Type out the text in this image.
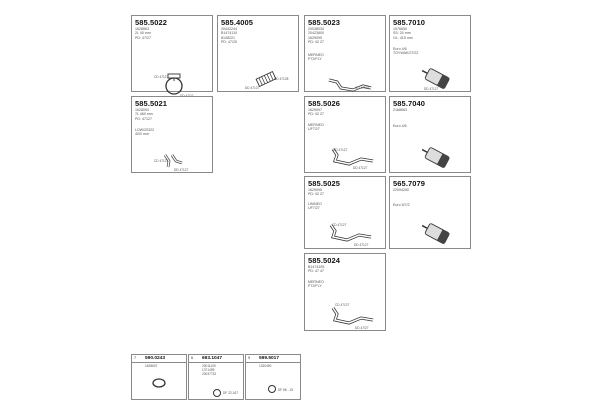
585.5022
1628863
2L 40 mm
PD: 47/27
CD 47127
585.4005
20442244
B1474110
8108221
PD: 47/25
CD 47128
DD 47127
585.5023
20038030
20423800
1629099
PD: 42 27
MERNEO
P72/FLY
CD 47127
585.7010
1576650
SS: 20 mm
OL: 415 mm
Euro 4/6
TOYWAK/27/22
DD 47127
585.5021
1628094
7L 460 mm
PD: 47127
LOW/20322
40/0 mm
CD 47127
DD 47127
585.5026
1629097
PD: 42 27
MERNEO
UF7/27
CD 47127
DD 47127
585.7040
2168663
Euro 4/6
585.5025
1629095
PD: 42 27
LIMNEO
UF7/27
CD 47127
DD 47127
565.7079
22094250
Euro 5/7/2
585.5024
B1474395
PD: 47 47
MERNEO
P72/FLY
CD 47127
DD 47/27
7 590.0243
1628607
6 693.1047
20011105
1371495
20037732
DF 22-167
9 599.5017
1320490
DF 86 - 15
